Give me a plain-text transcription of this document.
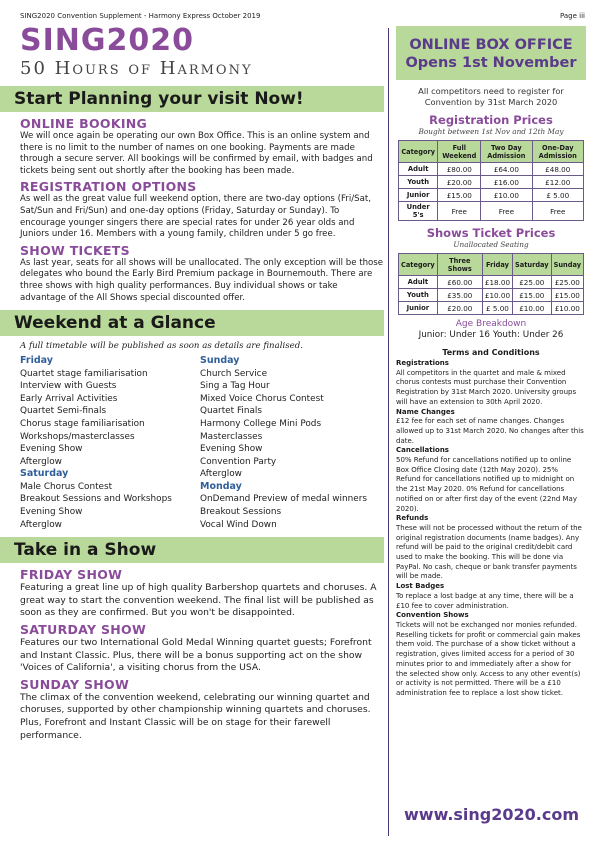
SING2020 Convention Supplement - Harmony Express October 2019	Page iii
SING2020
50 Hours of Harmony
Start Planning your visit Now!
ONLINE BOOKING
We will once again be operating our own Box Office. This is an online system and there is no limit to the number of names on one booking. Payments are made through a secure server. All bookings will be confirmed by email, with badges and tickets being sent out shortly after the booking has been made.
REGISTRATION OPTIONS
As well as the great value full weekend option, there are two-day options (Fri/Sat, Sat/Sun and Fri/Sun) and one-day options (Friday, Saturday or Sunday). To encourage younger singers there are special rates for under 26 year olds and Juniors under 16. Members with a young family, children under 5 go free.
SHOW TICKETS
As last year, seats for all shows will be unallocated. The only exception will be those delegates who bound the Early Bird Premium package in Bournemouth. There are three shows with high quality performances. Buy individual shows or take advantage of the All Shows special discounted offer.
Weekend at a Glance
A full timetable will be published as soon as details are finalised.
Friday
Quartet stage familiarisation
Interview with Guests
Early Arrival Activities
Quartet Semi-finals
Chorus stage familiarisation
Workshops/masterclasses
Evening Show
Afterglow
Saturday
Male Chorus Contest
Breakout Sessions and Workshops
Evening Show
Afterglow
Sunday
Church Service
Sing a Tag Hour
Mixed Voice Chorus Contest
Quartet Finals
Harmony College Mini Pods
Masterclasses
Evening Show
Convention Party
Afterglow
Monday
OnDemand Preview of medal winners
Breakout Sessions
Vocal Wind Down
Take in a Show
FRIDAY SHOW
Featuring a great line up of high quality Barbershop quartets and choruses. A great way to start the convention weekend. The final list will be published as soon as they are confirmed. But you won't be disappointed.
SATURDAY SHOW
Features our two International Gold Medal Winning quartet guests; Forefront and Instant Classic. Plus, there will be a bonus supporting act on the show 'Voices of California', a visiting chorus from the USA.
SUNDAY SHOW
The climax of the convention weekend, celebrating our winning quartet and choruses, supported by other championship winning quartets and choruses. Plus, Forefront and Instant Classic will be on stage for their farewell performance.
ONLINE BOX OFFICE
Opens 1st November
All competitors need to register for Convention by 31st March 2020
Registration Prices
Bought between 1st Nov and 12th May
Category	Full Weekend	Two Day Admission	One-Day Admission
Adult	£80.00	£64.00	£48.00
Youth	£20.00	£16.00	£12.00
Junior	£15.00	£10.00	£ 5.00
Under 5's	Free	Free	Free
Shows Ticket Prices
Unallocated Seating
Category	Three Shows	Friday	Saturday	Sunday
Adult	£60.00	£18.00	£25.00	£25.00
Youth	£35.00	£10.00	£15.00	£15.00
Junior	£20.00	£ 5.00	£10.00	£10.00
Age Breakdown
Junior: Under 16 Youth: Under 26
Terms and Conditions
Registrations
All competitors in the quartet and male & mixed chorus contests must purchase their Convention Registration by 31st March 2020. University groups will have an extension to 30th April 2020.
Name Changes
£12 fee for each set of name changes. Changes allowed up to 31st March 2020. No changes after this date.
Cancellations
50% Refund for cancellations notified up to online Box Office Closing date (12th May 2020). 25% Refund for cancellations notified up to midnight on the 21st May 2020. 0% Refund for cancellations notified on or after first day of the event (22nd May 2020).
Refunds
These will not be processed without the return of the original registration documents (name badges). Any refund will be paid to the original credit/debit card used to make the booking. This will be done via PayPal. No cash, cheque or bank transfer payments will be made.
Lost Badges
To replace a lost badge at any time, there will be a £10 fee to cover administration.
Convention Shows
Tickets will not be exchanged nor monies refunded. Reselling tickets for profit or commercial gain makes them void. The purchase of a show ticket without a registration, gives limited access for a period of 30 minutes prior to and immediately after a show for the selected show only. Access to any other event(s) or activity is not permitted. There will be a £10 administration fee to replace a lost show ticket.
www.sing2020.com
